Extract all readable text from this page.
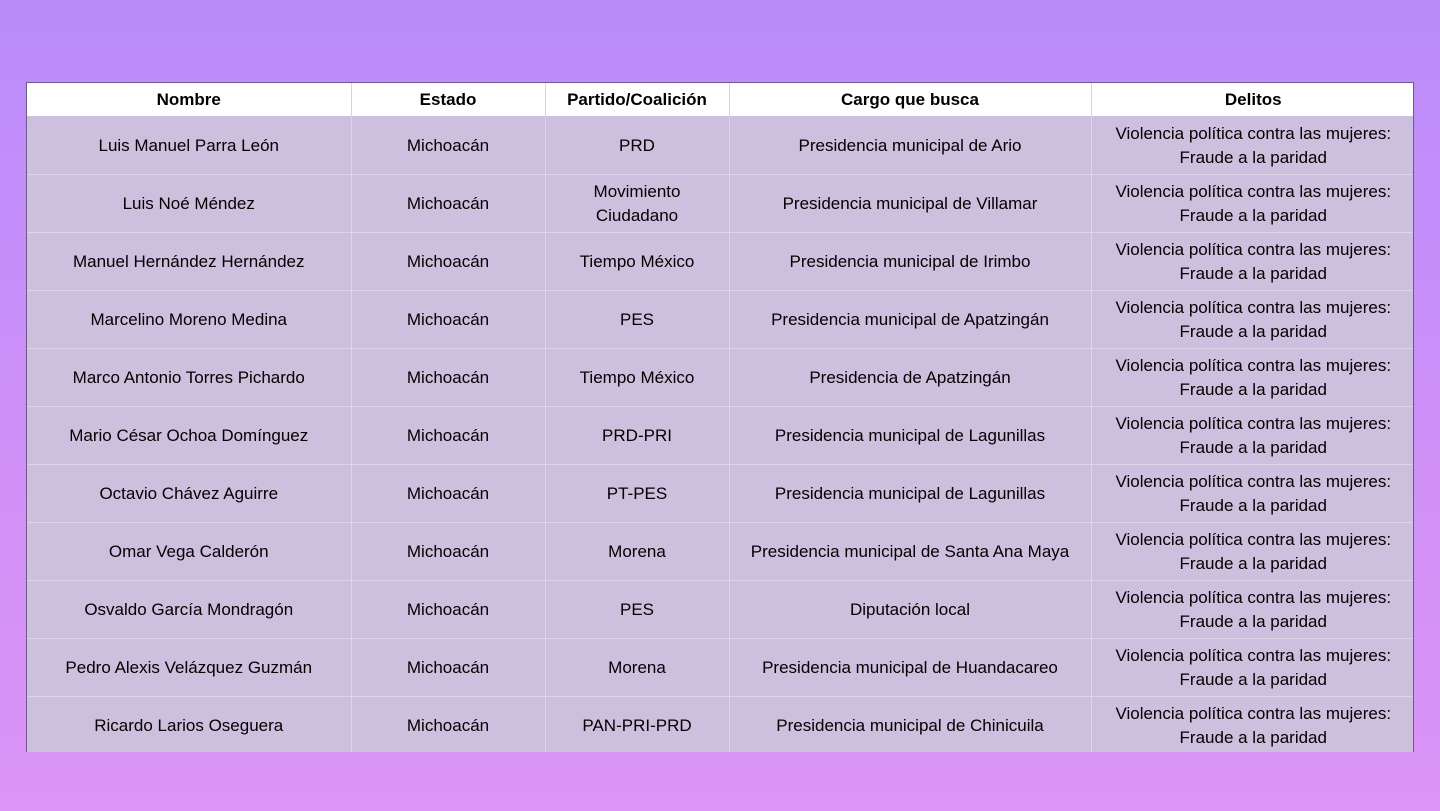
Nombre	Estado	Partido/Coalición	Cargo que busca	Delitos
Luis Manuel Parra León	Michoacán	PRD	Presidencia municipal de Ario	Violencia política contra las mujeres: Fraude a la paridad
Luis Noé Méndez	Michoacán	Movimiento Ciudadano	Presidencia municipal de Villamar	Violencia política contra las mujeres: Fraude a la paridad
Manuel Hernández Hernández	Michoacán	Tiempo México	Presidencia municipal de Irimbo	Violencia política contra las mujeres: Fraude a la paridad
Marcelino Moreno Medina	Michoacán	PES	Presidencia municipal de Apatzingán	Violencia política contra las mujeres: Fraude a la paridad
Marco Antonio Torres Pichardo	Michoacán	Tiempo México	Presidencia de Apatzingán	Violencia política contra las mujeres: Fraude a la paridad
Mario César Ochoa Domínguez	Michoacán	PRD-PRI	Presidencia municipal de Lagunillas	Violencia política contra las mujeres: Fraude a la paridad
Octavio Chávez Aguirre	Michoacán	PT-PES	Presidencia municipal de Lagunillas	Violencia política contra las mujeres: Fraude a la paridad
Omar Vega Calderón	Michoacán	Morena	Presidencia municipal de Santa Ana Maya	Violencia política contra las mujeres: Fraude a la paridad
Osvaldo García Mondragón	Michoacán	PES	Diputación local	Violencia política contra las mujeres: Fraude a la paridad
Pedro Alexis Velázquez Guzmán	Michoacán	Morena	Presidencia municipal de Huandacareo	Violencia política contra las mujeres: Fraude a la paridad
Ricardo Larios Oseguera	Michoacán	PAN-PRI-PRD	Presidencia municipal de Chinicuila	Violencia política contra las mujeres: Fraude a la paridad
